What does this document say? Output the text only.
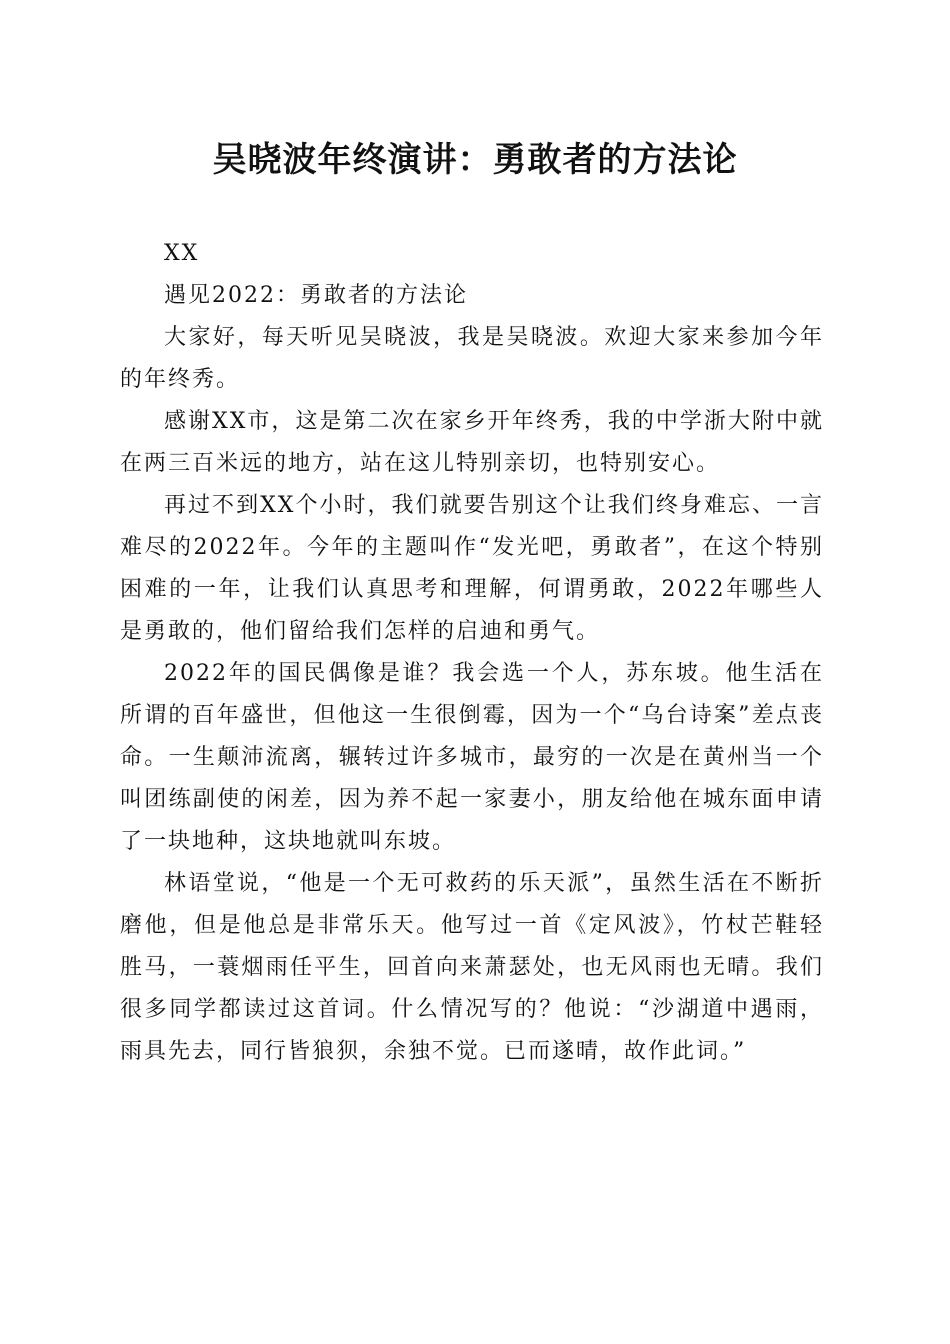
吴晓波年终演讲：勇敢者的方法论

XX

遇见2022：勇敢者的方法论

大家好，每天听见吴晓波，我是吴晓波。欢迎大家来参加今年的年终秀。

感谢XX市，这是第二次在家乡开年终秀，我的中学浙大附中就在两三百米远的地方，站在这儿特别亲切，也特别安心。

再过不到XX个小时，我们就要告别这个让我们终身难忘、一言难尽的2022年。今年的主题叫作“发光吧，勇敢者”，在这个特别困难的一年，让我们认真思考和理解，何谓勇敢，2022年哪些人是勇敢的，他们留给我们怎样的启迪和勇气。

2022年的国民偶像是谁？我会选一个人，苏东坡。他生活在所谓的百年盛世，但他这一生很倒霉，因为一个“乌台诗案”差点丧命。一生颠沛流离，辗转过许多城市，最穷的一次是在黄州当一个叫团练副使的闲差，因为养不起一家妻小，朋友给他在城东面申请了一块地种，这块地就叫东坡。

林语堂说，“他是一个无可救药的乐天派”，虽然生活在不断折磨他，但是他总是非常乐天。他写过一首《定风波》，竹杖芒鞋轻胜马，一蓑烟雨任平生，回首向来萧瑟处，也无风雨也无晴。我们很多同学都读过这首词。什么情况写的？他说：“沙湖道中遇雨，雨具先去，同行皆狼狈，余独不觉。已而遂晴，故作此词。”
